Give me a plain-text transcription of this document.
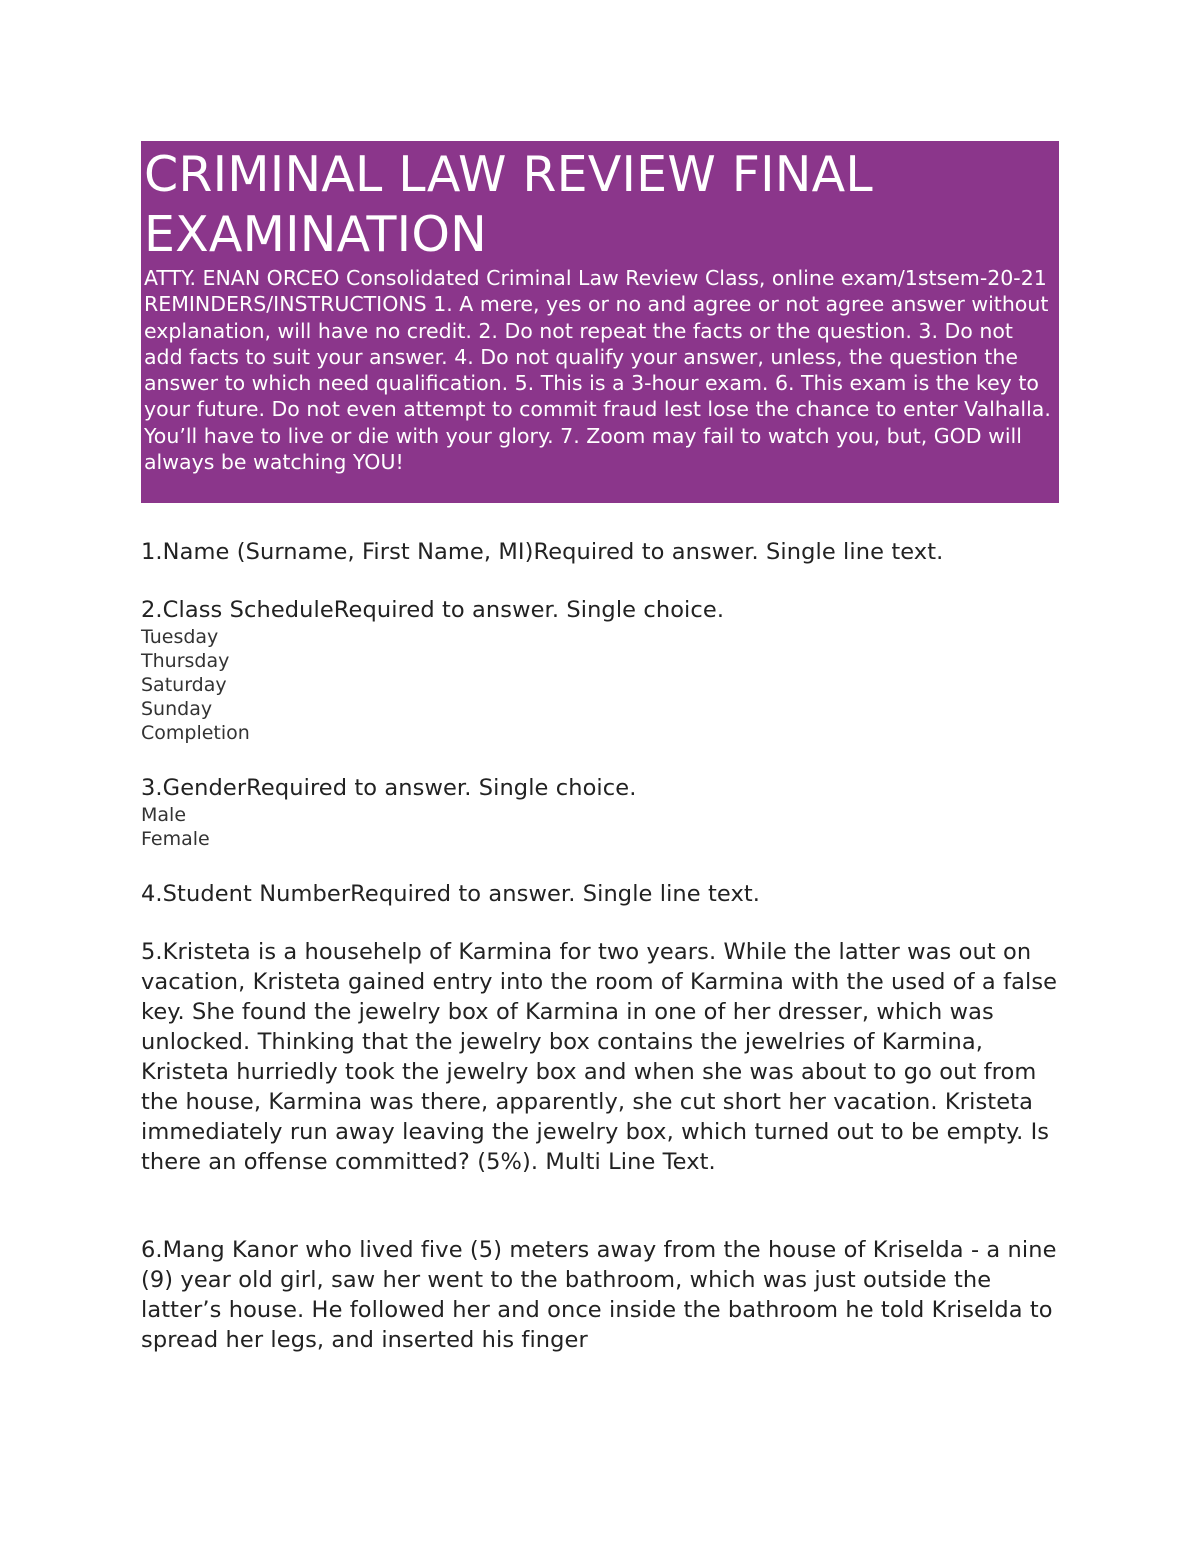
CRIMINAL LAW REVIEW FINAL EXAMINATION

ATTY. ENAN ORCEO Consolidated Criminal Law Review Class, online exam/1stsem-20-21 REMINDERS/INSTRUCTIONS 1. A mere, yes or no and agree or not agree answer without explanation, will have no credit. 2. Do not repeat the facts or the question. 3. Do not add facts to suit your answer. 4. Do not qualify your answer, unless, the question the answer to which need qualification. 5. This is a 3-hour exam. 6. This exam is the key to your future. Do not even attempt to commit fraud lest lose the chance to enter Valhalla. You’ll have to live or die with your glory. 7. Zoom may fail to watch you, but, GOD will always be watching YOU!

1.Name (Surname, First Name, MI)Required to answer. Single line text.

2.Class ScheduleRequired to answer. Single choice.

Tuesday
Thursday
Saturday
Sunday
Completion

3.GenderRequired to answer. Single choice.

Male
Female

4.Student NumberRequired to answer. Single line text.

5.Kristeta is a househelp of Karmina for two years. While the latter was out on vacation, Kristeta gained entry into the room of Karmina with the used of a false key. She found the jewelry box of Karmina in one of her dresser, which was unlocked. Thinking that the jewelry box contains the jewelries of Karmina, Kristeta hurriedly took the jewelry box and when she was about to go out from the house, Karmina was there, apparently, she cut short her vacation. Kristeta immediately run away leaving the jewelry box, which turned out to be empty. Is there an offense committed? (5%). Multi Line Text.

6.Mang Kanor who lived five (5) meters away from the house of Kriselda - a nine (9) year old girl, saw her went to the bathroom, which was just outside the latter’s house. He followed her and once inside the bathroom he told Kriselda to spread her legs, and inserted his finger
